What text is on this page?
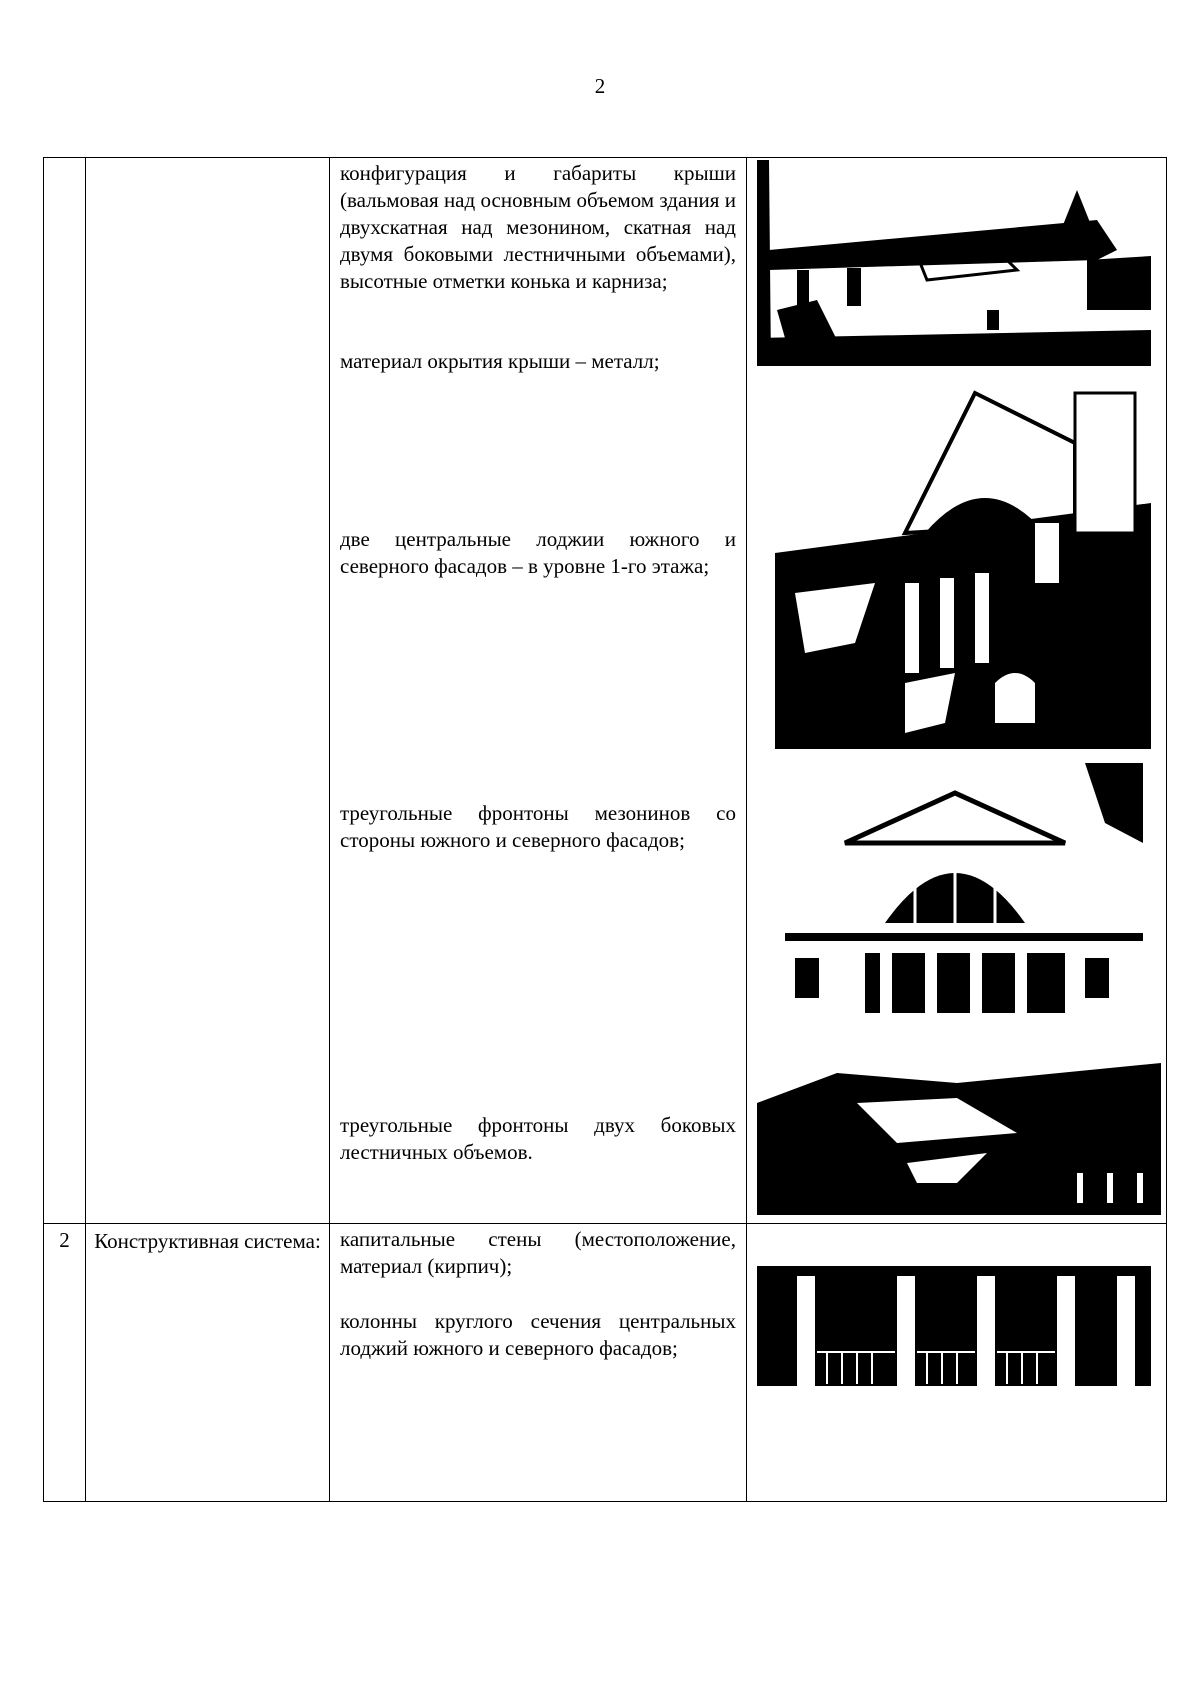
2

		конфигурация и габариты крыши (вальмовая над основным объемом здания и двухскатная над мезонином, скатная над двумя боковыми лестничными объемами), высотные отметки конька и карниза;

материал окрытия крыши – металл;

две центральные лоджии южного и северного фасадов – в уровне 1-го этажа;

треугольные фронтоны мезонинов со стороны южного и северного фасадов;

треугольные фронтоны двух боковых лестничных объемов.

2	Конструктивная система:	капитальные стены (местоположение, материал (кирпич);

колонны круглого сечения центральных лоджий южного и северного фасадов;
